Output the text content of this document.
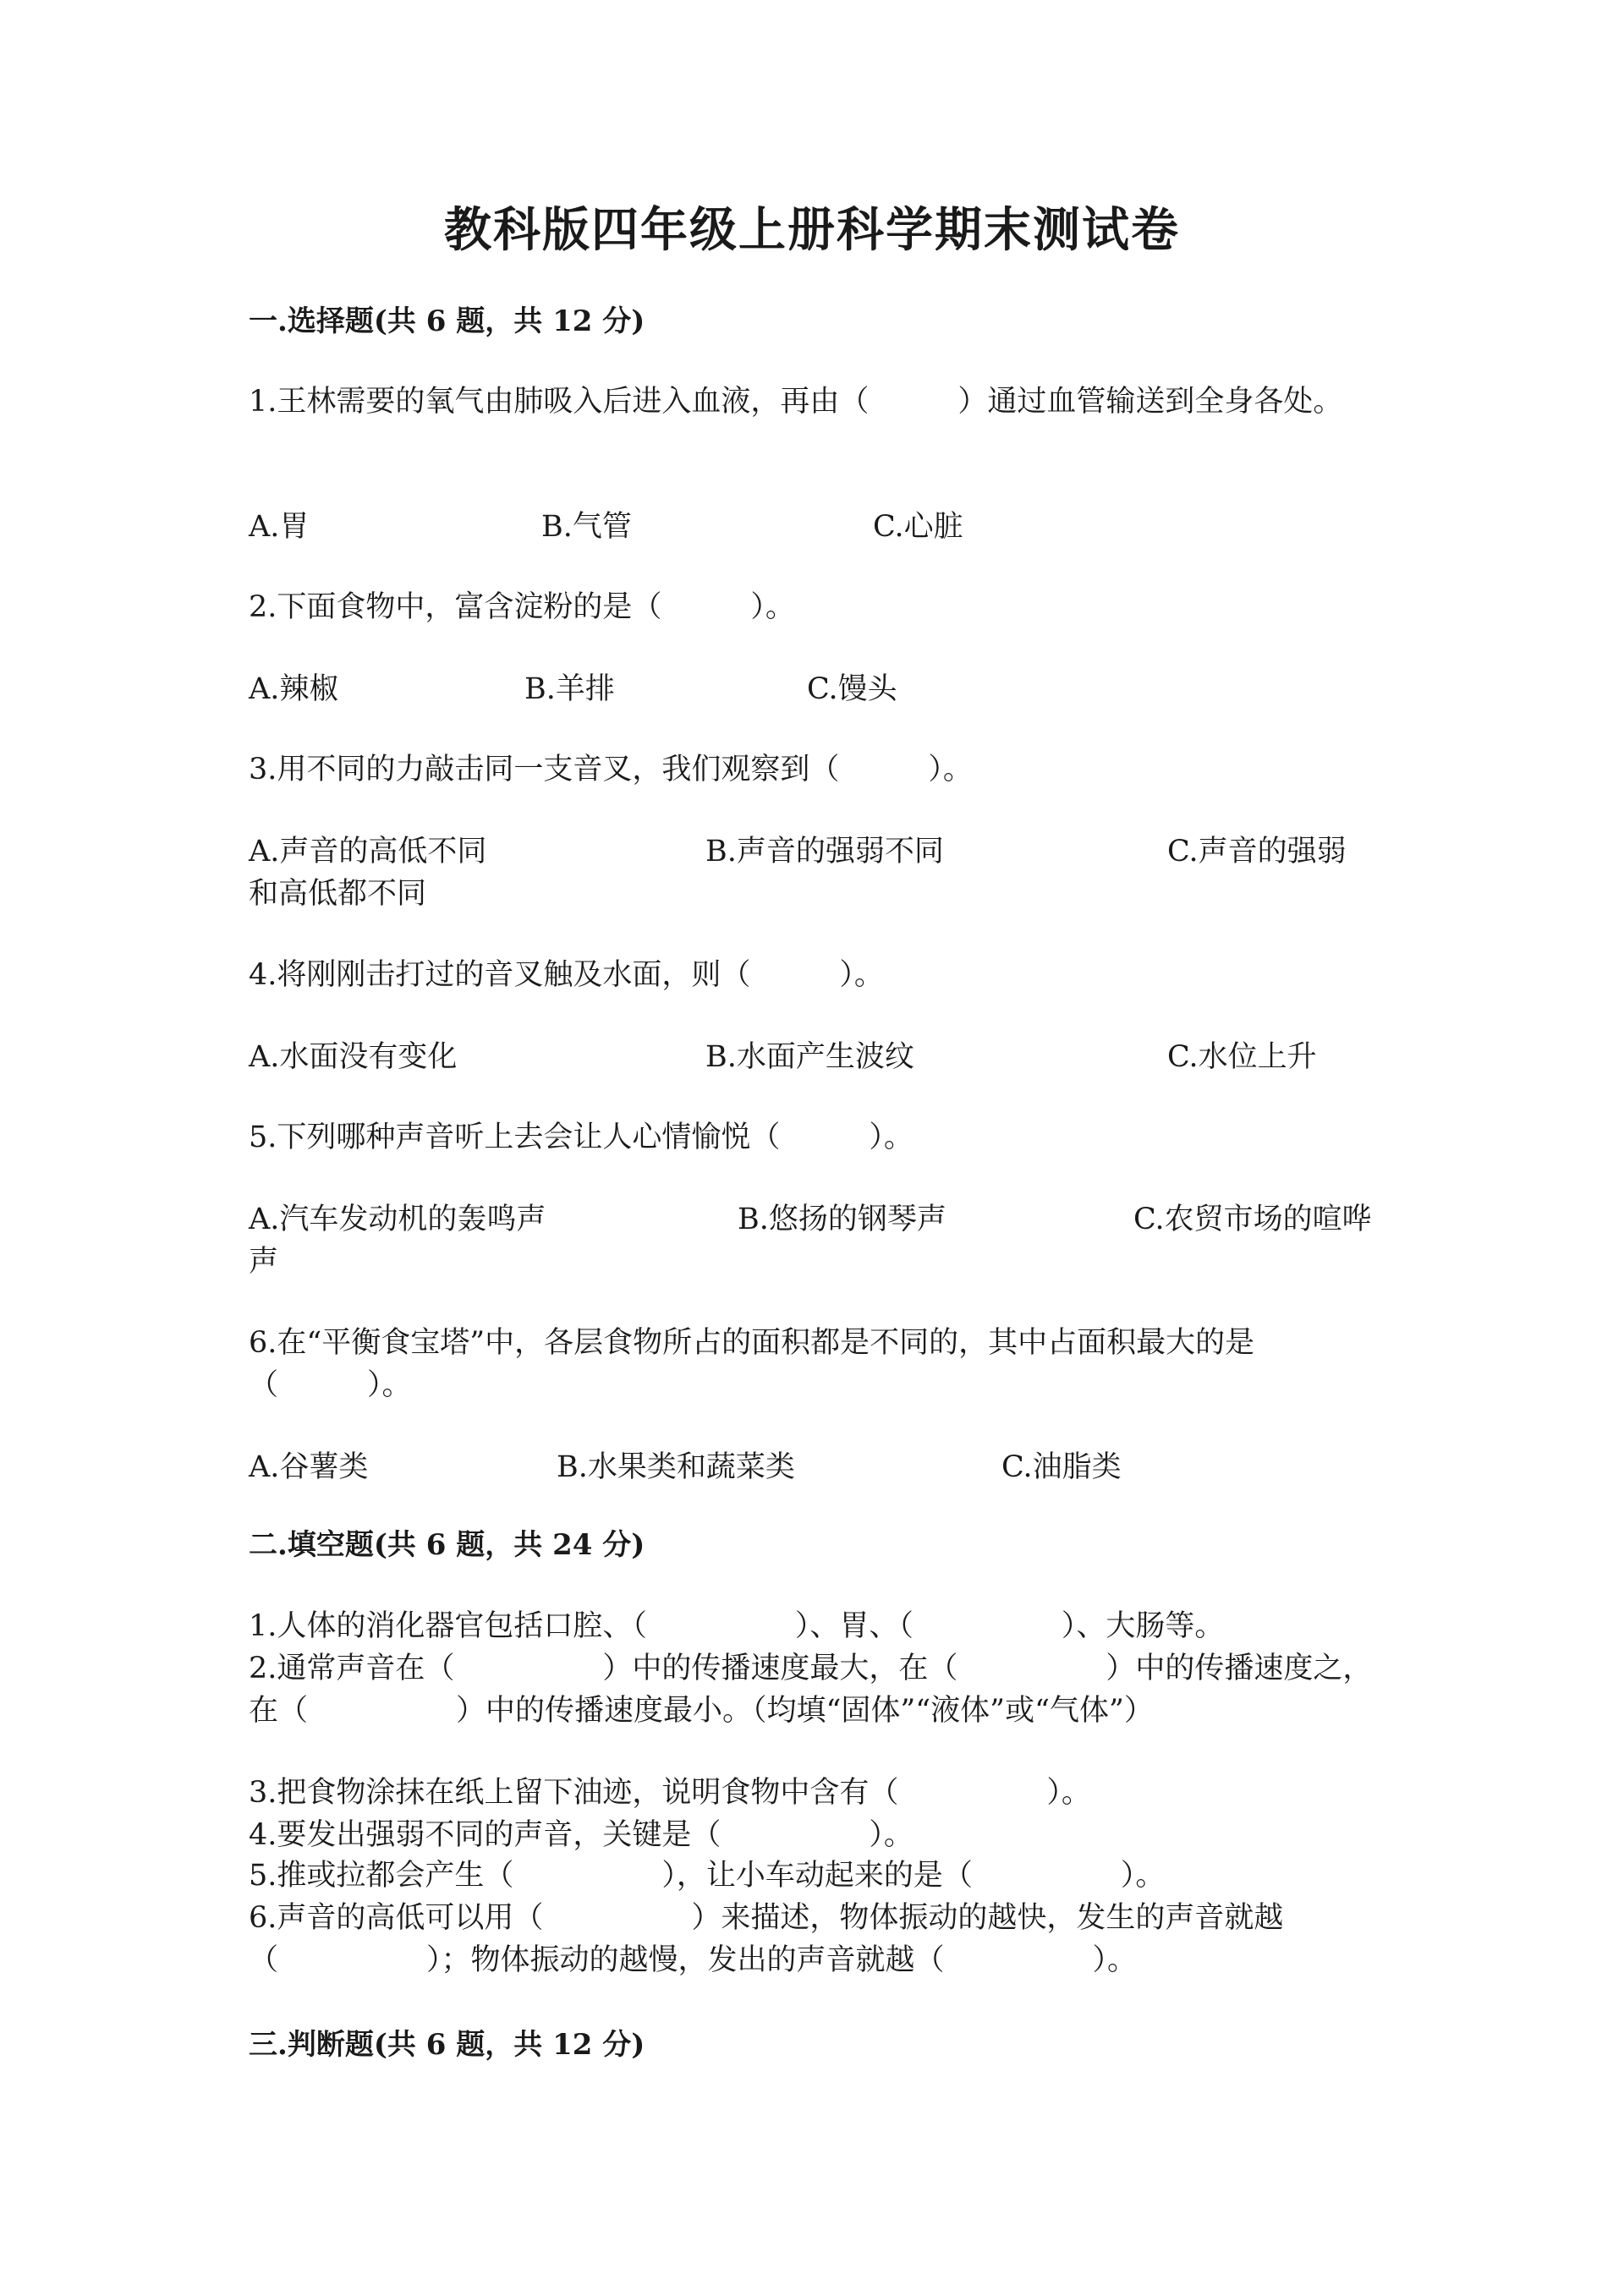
教科版四年级上册科学期末测试卷
一.选择题(共 6 题，共 12 分)
1.王林需要的氧气由肺吸入后进入血液，再由（　　　）通过血管输送到全身各处。
A.胃	B.气管	C.心脏
2.下面食物中，富含淀粉的是（　　　）。
A.辣椒	B.羊排	C.馒头
3.用不同的力敲击同一支音叉，我们观察到（　　　）。
A.声音的高低不同	B.声音的强弱不同	C.声音的强弱和高低都不同
4.将刚刚击打过的音叉触及水面，则（　　　）。
A.水面没有变化	B.水面产生波纹	C.水位上升
5.下列哪种声音听上去会让人心情愉悦（　　　）。
A.汽车发动机的轰鸣声	B.悠扬的钢琴声	C.农贸市场的喧哗声
6.在“平衡食宝塔”中，各层食物所占的面积都是不同的，其中占面积最大的是（　　　）。
A.谷薯类	B.水果类和蔬菜类	C.油脂类
二.填空题(共 6 题，共 24 分)
1.人体的消化器官包括口腔、（　　　　　）、胃、（　　　　　）、大肠等。
2.通常声音在（　　　　　）中的传播速度最大，在（　　　　　）中的传播速度之，在（　　　　　）中的传播速度最小。（均填“固体”“液体”或“气体”）
3.把食物涂抹在纸上留下油迹，说明食物中含有（　　　　　）。
4.要发出强弱不同的声音，关键是（　　　　　）。
5.推或拉都会产生（　　　　　），让小车动起来的是（　　　　　）。
6.声音的高低可以用（　　　　　）来描述，物体振动的越快，发生的声音就越（　　　　　）；物体振动的越慢，发出的声音就越（　　　　　）。
三.判断题(共 6 题，共 12 分)
